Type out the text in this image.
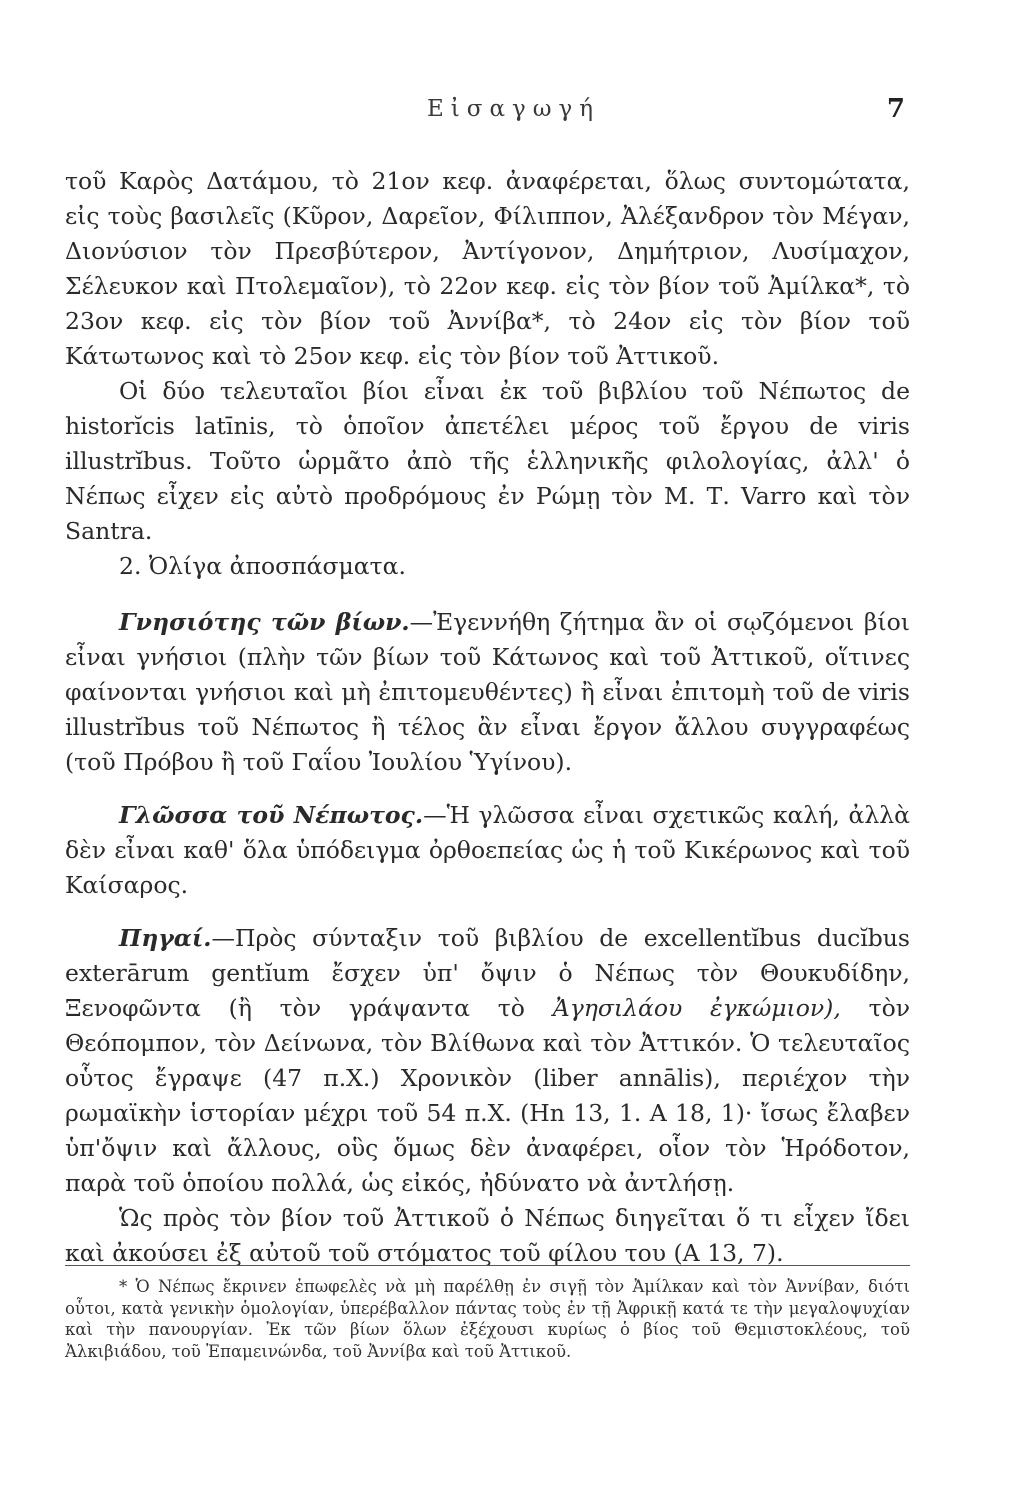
Εἰσαγωγή	7

τοῦ Καρὸς Δατάμου, τὸ 21ον κεφ. ἀναφέρεται, ὅλως συντομώτατα, εἰς τοὺς βασιλεῖς (Κῦρον, Δαρεῖον, Φίλιππον, Ἀλέξανδρον τὸν Μέγαν, Διονύσιον τὸν Πρεσβύτερον, Ἀντίγονον, Δημήτριον, Λυσίμαχον, Σέλευκον καὶ Πτολεμαῖον), τὸ 22ον κεφ. εἰς τὸν βίον τοῦ Ἀμίλκα*, τὸ 23ον κεφ. εἰς τὸν βίον τοῦ Ἀννίβα*, τὸ 24ον εἰς τὸν βίον τοῦ Κάτωτωνος καὶ τὸ 25ον κεφ. εἰς τὸν βίον τοῦ Ἀττικοῦ.

Οἱ δύο τελευταῖοι βίοι εἶναι ἐκ τοῦ βιβλίου τοῦ Νέπωτος de historĭcis latīnis, τὸ ὁποῖον ἀπετέλει μέρος τοῦ ἔργου de viris illustrĭbus. Τοῦτο ὡρμᾶτο ἀπὸ τῆς ἑλληνικῆς φιλολογίας, ἀλλ' ὁ Νέπως εἶχεν εἰς αὐτὸ προδρόμους ἐν Ρώμῃ τὸν Μ. Τ. Varro καὶ τὸν Santra.

2. Ὀλίγα ἀποσπάσματα.

Γνησιότης τῶν βίων.—Ἐγεννήθη ζήτημα ἂν οἱ σῳζόμενοι βίοι εἶναι γνήσιοι (πλὴν τῶν βίων τοῦ Κάτωνος καὶ τοῦ Ἀττικοῦ, οἵτινες φαίνονται γνήσιοι καὶ μὴ ἐπιτομευθέντες) ἢ εἶναι ἐπιτομὴ τοῦ de viris illustrĭbus τοῦ Νέπωτος ἢ τέλος ἂν εἶναι ἔργον ἄλλου συγγραφέως (τοῦ Πρόβου ἢ τοῦ Γαΐου Ἰουλίου Ὑγίνου).

Γλῶσσα τοῦ Νέπωτος.—Ἡ γλῶσσα εἶναι σχετικῶς καλή, ἀλλὰ δὲν εἶναι καθ' ὅλα ὑπόδειγμα ὀρθοεπείας ὡς ἡ τοῦ Κικέρωνος καὶ τοῦ Καίσαρος.

Πηγαί.—Πρὸς σύνταξιν τοῦ βιβλίου de excellentĭbus ducĭbus exterārum gentĭum ἔσχεν ὑπ' ὄψιν ὁ Νέπως τὸν Θουκυδίδην, Ξενοφῶντα (ἢ τὸν γράψαντα τὸ Ἀγησιλάου ἐγκώμιον), τὸν Θεόπομπον, τὸν Δείνωνα, τὸν Βλίθωνα καὶ τὸν Ἀττικόν. Ὁ τελευταῖος οὗτος ἔγραψε (47 π.Χ.) Χρονικὸν (liber annālis), περιέχον τὴν ρωμαϊκὴν ἱστορίαν μέχρι τοῦ 54 π.Χ. (Hn 13, 1. A 18, 1)· ἴσως ἔλαβεν ὑπ'ὄψιν καὶ ἄλλους, οὓς ὅμως δὲν ἀναφέρει, οἷον τὸν Ἡρόδοτον, παρὰ τοῦ ὁποίου πολλά, ὡς εἰκός, ἠδύνατο νὰ ἀντλήσῃ.

Ὡς πρὸς τὸν βίον τοῦ Ἀττικοῦ ὁ Νέπως διηγεῖται ὅ τι εἶχεν ἴδει καὶ ἀκούσει ἐξ αὐτοῦ τοῦ στόματος τοῦ φίλου του (Α 13, 7).

* Ὁ Νέπως ἔκρινεν ἐπωφελὲς νὰ μὴ παρέλθῃ ἐν σιγῇ τὸν Ἀμίλκαν καὶ τὸν Ἀννίβαν, διότι οὗτοι, κατὰ γενικὴν ὁμολογίαν, ὑπερέβαλλον πάντας τοὺς ἐν τῇ Ἀφρικῇ κατά τε τὴν μεγαλοψυχίαν καὶ τὴν πανουργίαν. Ἐκ τῶν βίων ὅλων ἐξέχουσι κυρίως ὁ βίος τοῦ Θεμιστοκλέους, τοῦ Ἀλκιβιάδου, τοῦ Ἐπαμεινώνδα, τοῦ Ἀννίβα καὶ τοῦ Ἀττικοῦ.
